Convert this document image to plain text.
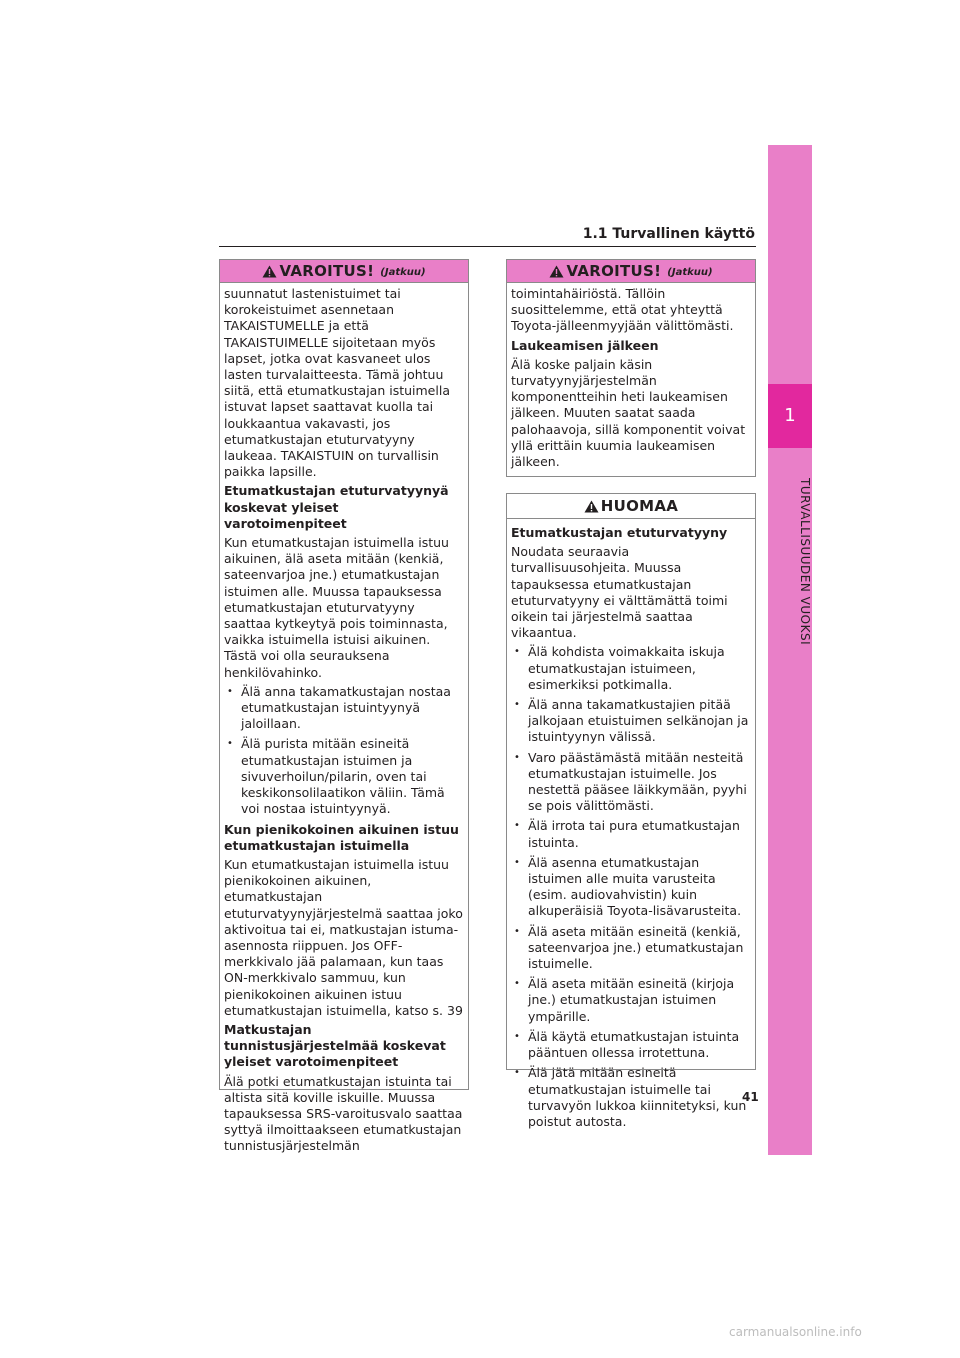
1.1 Turvallinen käyttö
1
TURVALLISUUDEN VUOKSI
VAROITUS! (Jatkuu)

suunnatut lastenistuimet tai korokeistuimet asennetaan TAKAISTUMELLE ja että TAKAISTUIMELLE sijoitetaan myös lapset, jotka ovat kasvaneet ulos lasten turvalaitteesta. Tämä johtuu siitä, että etumatkustajan istuimella istuvat lapset saattavat kuolla tai loukkaantua vakavasti, jos etumatkustajan etuturvatyyny laukeaa. TAKAISTUIN on turvallisin paikka lapsille.

Etumatkustajan etuturvatyynyä koskevat yleiset varotoimenpiteet

Kun etumatkustajan istuimella istuu aikuinen, älä aseta mitään (kenkiä, sateenvarjoa jne.) etumatkustajan istuimen alle. Muussa tapauksessa etumatkustajan etuturvatyyny saattaa kytkeytyä pois toiminnasta, vaikka istuimella istuisi aikuinen. Tästä voi olla seurauksena henkilövahinko.

• Älä anna takamatkustajan nostaa etumatkustajan istuintyynyä jaloillaan.
• Älä purista mitään esineitä etumatkustajan istuimen ja sivuverhoilun/pilarin, oven tai keskikonsolilaatikon väliin. Tämä voi nostaa istuintyynyä.
Kun pienikokoinen aikuinen istuu etumatkustajan istuimella

Kun etumatkustajan istuimella istuu pienikokoinen aikuinen, etumatkustajan etuturvatyynyjärjestelmä saattaa joko aktivoitua tai ei, matkustajan istuma-asennosta riippuen. Jos OFF-merkkivalo jää palamaan, kun taas ON-merkkivalo sammuu, kun pienikokoinen aikuinen istuu etumatkustajan istuimella, katso s. 39

Matkustajan tunnistusjärjestelmää koskevat yleiset varotoimenpiteet

Älä potki etumatkustajan istuinta tai altista sitä koville iskuille. Muussa tapauksessa SRS-varoitusvalo saattaa syttyä ilmoittaakseen etumatkustajan tunnistusjärjestelmän

VAROITUS! (Jatkuu)

toimintahäiriöstä. Tällöin suosittelemme, että otat yhteyttä Toyota-jälleenmyyjään välittömästi.

Laukeamisen jälkeen

Älä koske paljain käsin turvatyynyjärjestelmän komponentteihin heti laukeamisen jälkeen. Muuten saatat saada palohaavoja, sillä komponentit voivat yllä erittäin kuumia laukeamisen jälkeen.

HUOMAA
Etumatkustajan etuturvatyyny

Noudata seuraavia turvallisuusohjeita. Muussa tapauksessa etumatkustajan etuturvatyyny ei välttämättä toimi oikein tai järjestelmä saattaa vikaantua.

• Älä kohdista voimakkaita iskuja etumatkustajan istuimeen, esimerkiksi potkimalla.
• Älä anna takamatkustajien pitää jalkojaan etuistuimen selkänojan ja istuintyynyn välissä.
• Varo päästämästä mitään nesteitä etumatkustajan istuimelle. Jos nestettä pääsee läikkymään, pyyhi se pois välittömästi.
• Älä irrota tai pura etumatkustajan istuinta.
• Älä asenna etumatkustajan istuimen alle muita varusteita (esim. audiovahvistin) kuin alkuperäisiä Toyota-lisävarusteita.
• Älä aseta mitään esineitä (kenkiä, sateenvarjoa jne.) etumatkustajan istuimelle.
• Älä aseta mitään esineitä (kirjoja jne.) etumatkustajan istuimen ympärille.
• Älä käytä etumatkustajan istuinta pääntuen ollessa irrotettuna.
• Älä jätä mitään esineitä etumatkustajan istuimelle tai turvavyön lukkoa kiinnitetyksi, kun poistut autosta.
41
carmanualsonline.info
